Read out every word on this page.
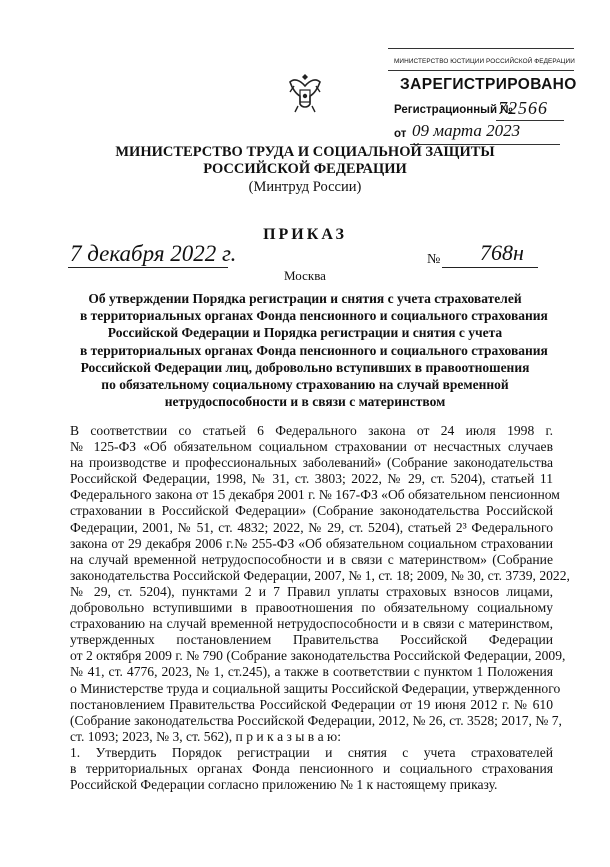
МИНИСТЕРСТВО ЮСТИЦИИ РОССИЙСКОЙ ФЕДЕРАЦИИ
ЗАРЕГИСТРИРОВАНО
Регистрационный №
72566
от 09 марта 2023
МИНИСТЕРСТВО ТРУДА И СОЦИАЛЬНОЙ ЗАЩИТЫ
РОССИЙСКОЙ ФЕДЕРАЦИИ
(Минтруд России)
ПРИКАЗ
7 декабря 2022 г.	№ 768н
Москва
Об утверждении Порядка регистрации и снятия с учета страхователей
в территориальных органах Фонда пенсионного и социального страхования
Российской Федерации и Порядка регистрации и снятия с учета
в территориальных органах Фонда пенсионного и социального страхования
Российской Федерации лиц, добровольно вступивших в правоотношения
по обязательному социальному страхованию на случай временной
нетрудоспособности и в связи с материнством
В соответствии со статьей 6 Федерального закона от 24 июля 1998 г.
№ 125-ФЗ «Об обязательном социальном страховании от несчастных случаев
на производстве и профессиональных заболеваний» (Собрание законодательства
Российской Федерации, 1998, № 31, ст. 3803; 2022, № 29, ст. 5204), статьей 11
Федерального закона от 15 декабря 2001 г. № 167-ФЗ «Об обязательном пенсионном
страховании в Российской Федерации» (Собрание законодательства Российской
Федерации, 2001, № 51, ст. 4832; 2022, № 29, ст. 5204), статьей 2³ Федерального
закона от 29 декабря 2006 г.№ 255-ФЗ «Об обязательном социальном страховании
на случай временной нетрудоспособности и в связи с материнством» (Собрание
законодательства Российской Федерации, 2007, № 1, ст. 18; 2009, № 30, ст. 3739, 2022,
№ 29, ст. 5204), пунктами 2 и 7 Правил уплаты страховых взносов лицами,
добровольно вступившими в правоотношения по обязательному социальному
страхованию на случай временной нетрудоспособности и в связи с материнством,
утвержденных постановлением Правительства Российской Федерации
от 2 октября 2009 г. № 790 (Собрание законодательства Российской Федерации, 2009,
№ 41, ст. 4776, 2023, № 1, ст.245), а также в соответствии с пунктом 1 Положения
о Министерстве труда и социальной защиты Российской Федерации, утвержденного
постановлением Правительства Российской Федерации от 19 июня 2012 г. № 610
(Собрание законодательства Российской Федерации, 2012, № 26, ст. 3528; 2017, № 7,
ст. 1093; 2023, № 3, ст. 562), п р и к а з ы в а ю:
1. Утвердить Порядок регистрации и снятия с учета страхователей
в территориальных органах Фонда пенсионного и социального страхования
Российской Федерации согласно приложению № 1 к настоящему приказу.
